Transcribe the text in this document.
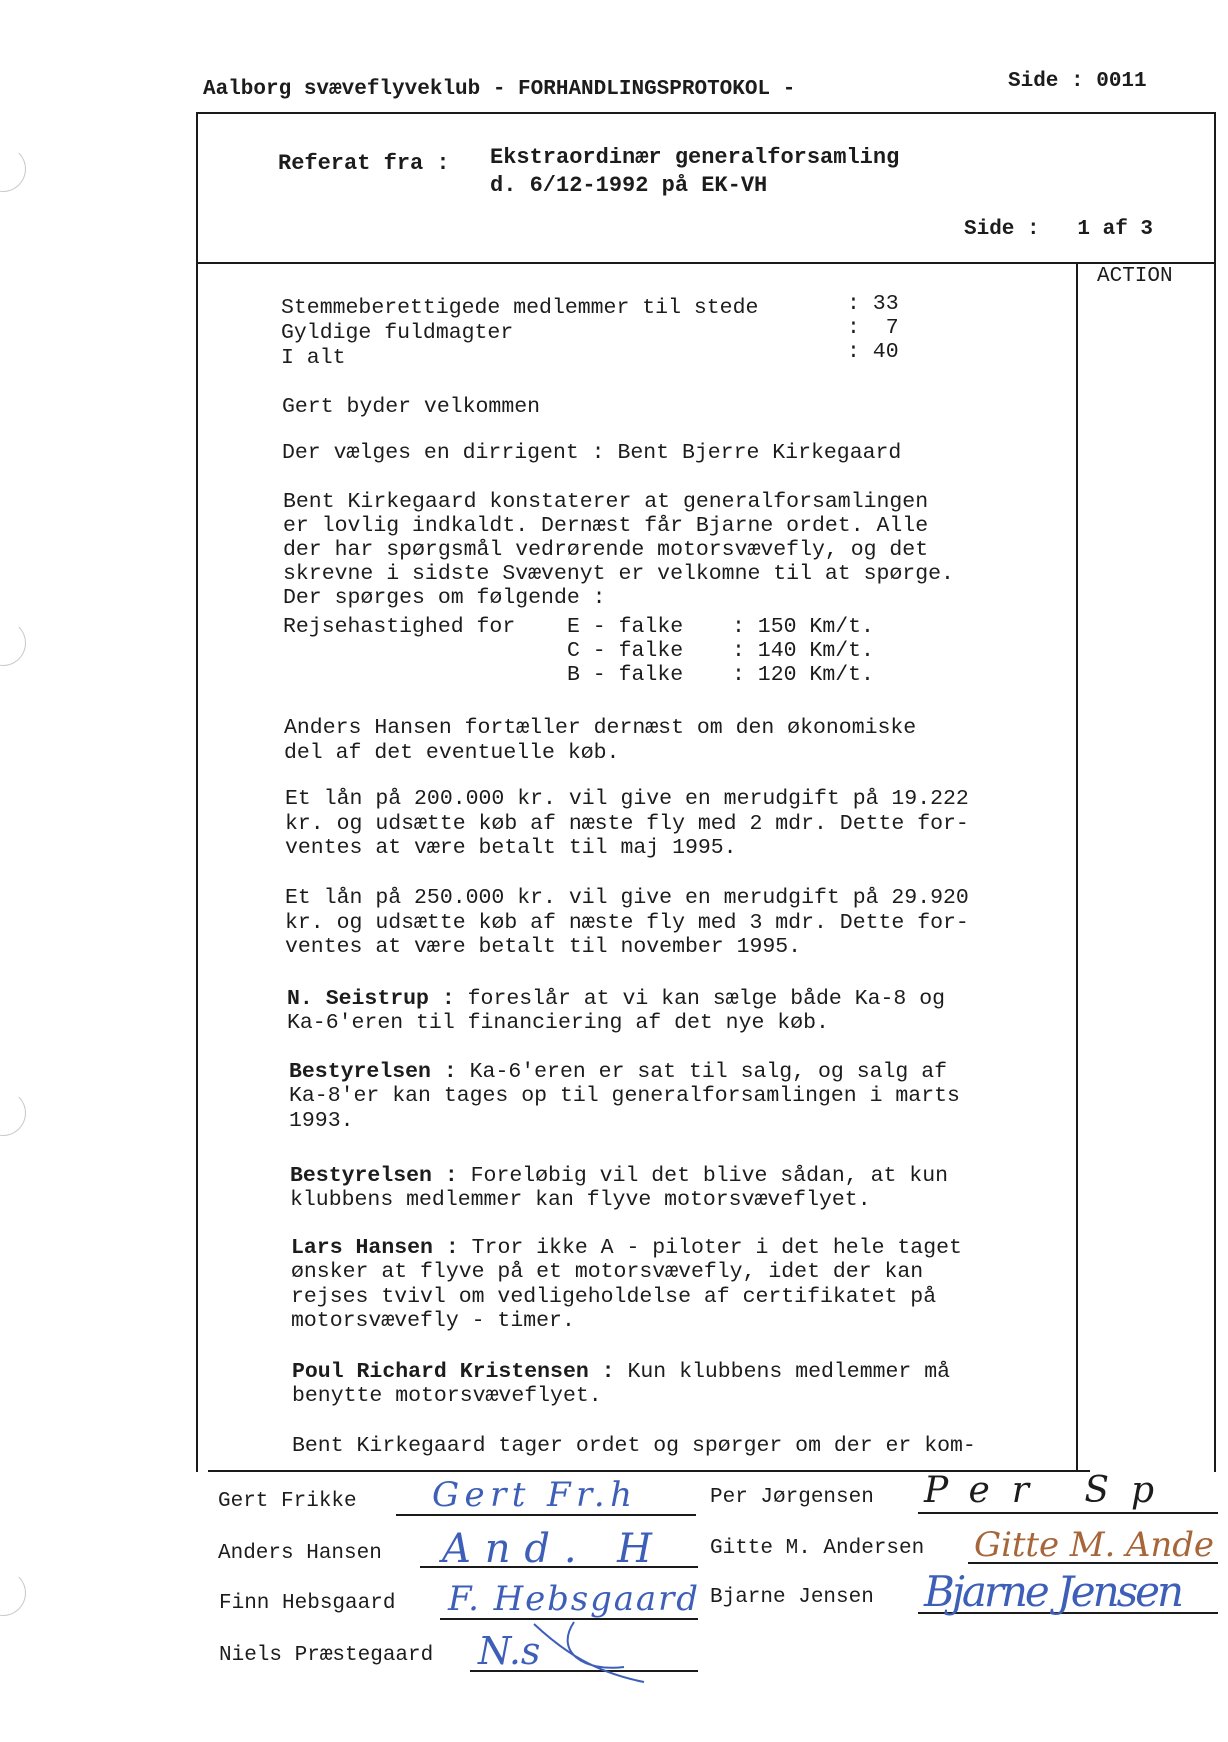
Aalborg svæveflyveklub - FORHANDLINGSPROTOKOL -	Side : 0011
Referat fra : Ekstraordinær generalforsamling
d. 6/12-1992 på EK-VH
Side :   1 af 3
ACTION
Stemmeberettigede medlemmer til stede	: 33
Gyldige fuldmagter	:  7
I alt	: 40
Gert byder velkommen
Der vælges en dirrigent : Bent Bjerre Kirkegaard
Bent Kirkegaard konstaterer at generalforsamlingen
er lovlig indkaldt. Dernæst får Bjarne ordet. Alle
der har spørgsmål vedrørende motorsvævefly, og det
skrevne i sidste Svævenyt er velkomne til at spørge.
Der spørges om følgende :
Rejsehastighed for E - falke : 150 Km/t.
C - falke : 140 Km/t.
B - falke : 120 Km/t.
Anders Hansen fortæller dernæst om den økonomiske
del af det eventuelle køb.
Et lån på 200.000 kr. vil give en merudgift på 19.222
kr. og udsætte køb af næste fly med 2 mdr. Dette for-
ventes at være betalt til maj 1995.
Et lån på 250.000 kr. vil give en merudgift på 29.920
kr. og udsætte køb af næste fly med 3 mdr. Dette for-
ventes at være betalt til november 1995.
N. Seistrup : foreslår at vi kan sælge både Ka-8 og
Ka-6'eren til financiering af det nye køb.
Bestyrelsen : Ka-6'eren er sat til salg, og salg af
Ka-8'er kan tages op til generalforsamlingen i marts
1993.
Bestyrelsen : Foreløbig vil det blive sådan, at kun
klubbens medlemmer kan flyve motorsvæveflyet.
Lars Hansen : Tror ikke A - piloter i det hele taget
ønsker at flyve på et motorsvævefly, idet der kan
rejses tvivl om vedligeholdelse af certifikatet på
motorsvævefly - timer.
Poul Richard Kristensen : Kun klubbens medlemmer må
benytte motorsvæveflyet.
Bent Kirkegaard tager ordet og spørger om der er kom-
Gert Frikke Gert Fr.h
Anders Hansen And. H
Finn Hebsgaard F. Hebsgaard
Niels Præstegaard N.s
Per Jørgensen Per Sp
Gitte M. Andersen Gitte M. Ande
Bjarne Jensen Bjarne Jensen
